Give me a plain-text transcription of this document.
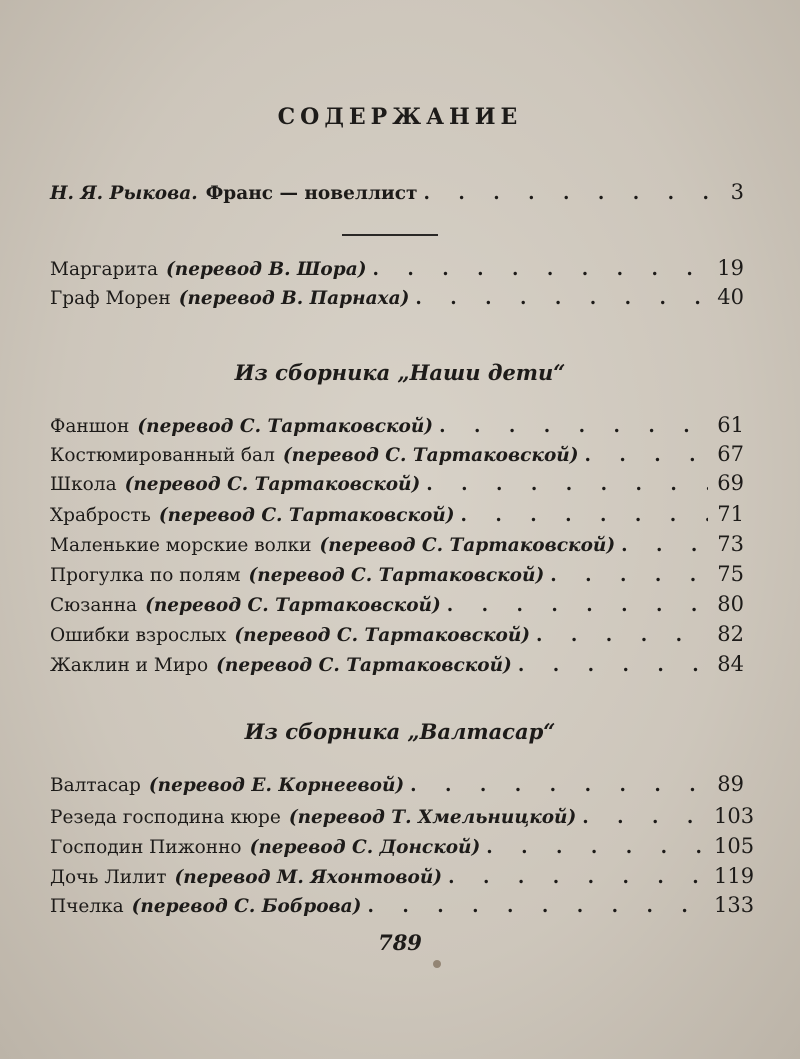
СОДЕРЖАНИЕ
Н. Я. Рыкова. Франс — новеллист . . .	3
Маргарита (перевод В. Шора) . . .	19
Граф Морен (перевод В. Парнаха) . . .	40
Из сборника „Наши дети“
Фаншон (перевод С. Тартаковской) . . .	61
Костюмированный бал (перевод С. Тартаковской) . . .	67
Школа (перевод С. Тартаковской) . . .	69
Храбрость (перевод С. Тартаковской) . . .	71
Маленькие морские волки (перевод С. Тартаковской) . . .	73
Прогулка по полям (перевод С. Тартаковской) . . .	75
Сюзанна (перевод С. Тартаковской) . . .	80
Ошибки взрослых (перевод С. Тартаковской) . . .	82
Жаклин и Миро (перевод С. Тартаковской) . . .	84
Из сборника „Валтасар“
Валтасар (перевод Е. Корнеевой) . . .	89
Резеда господина кюре (перевод Т. Хмельницкой) . . .	103
Господин Пижонно (перевод С. Донской) . . .	105
Дочь Лилит (перевод М. Яхонтовой) . . .	119
Пчелка (перевод С. Боброва) . . .	133
789
